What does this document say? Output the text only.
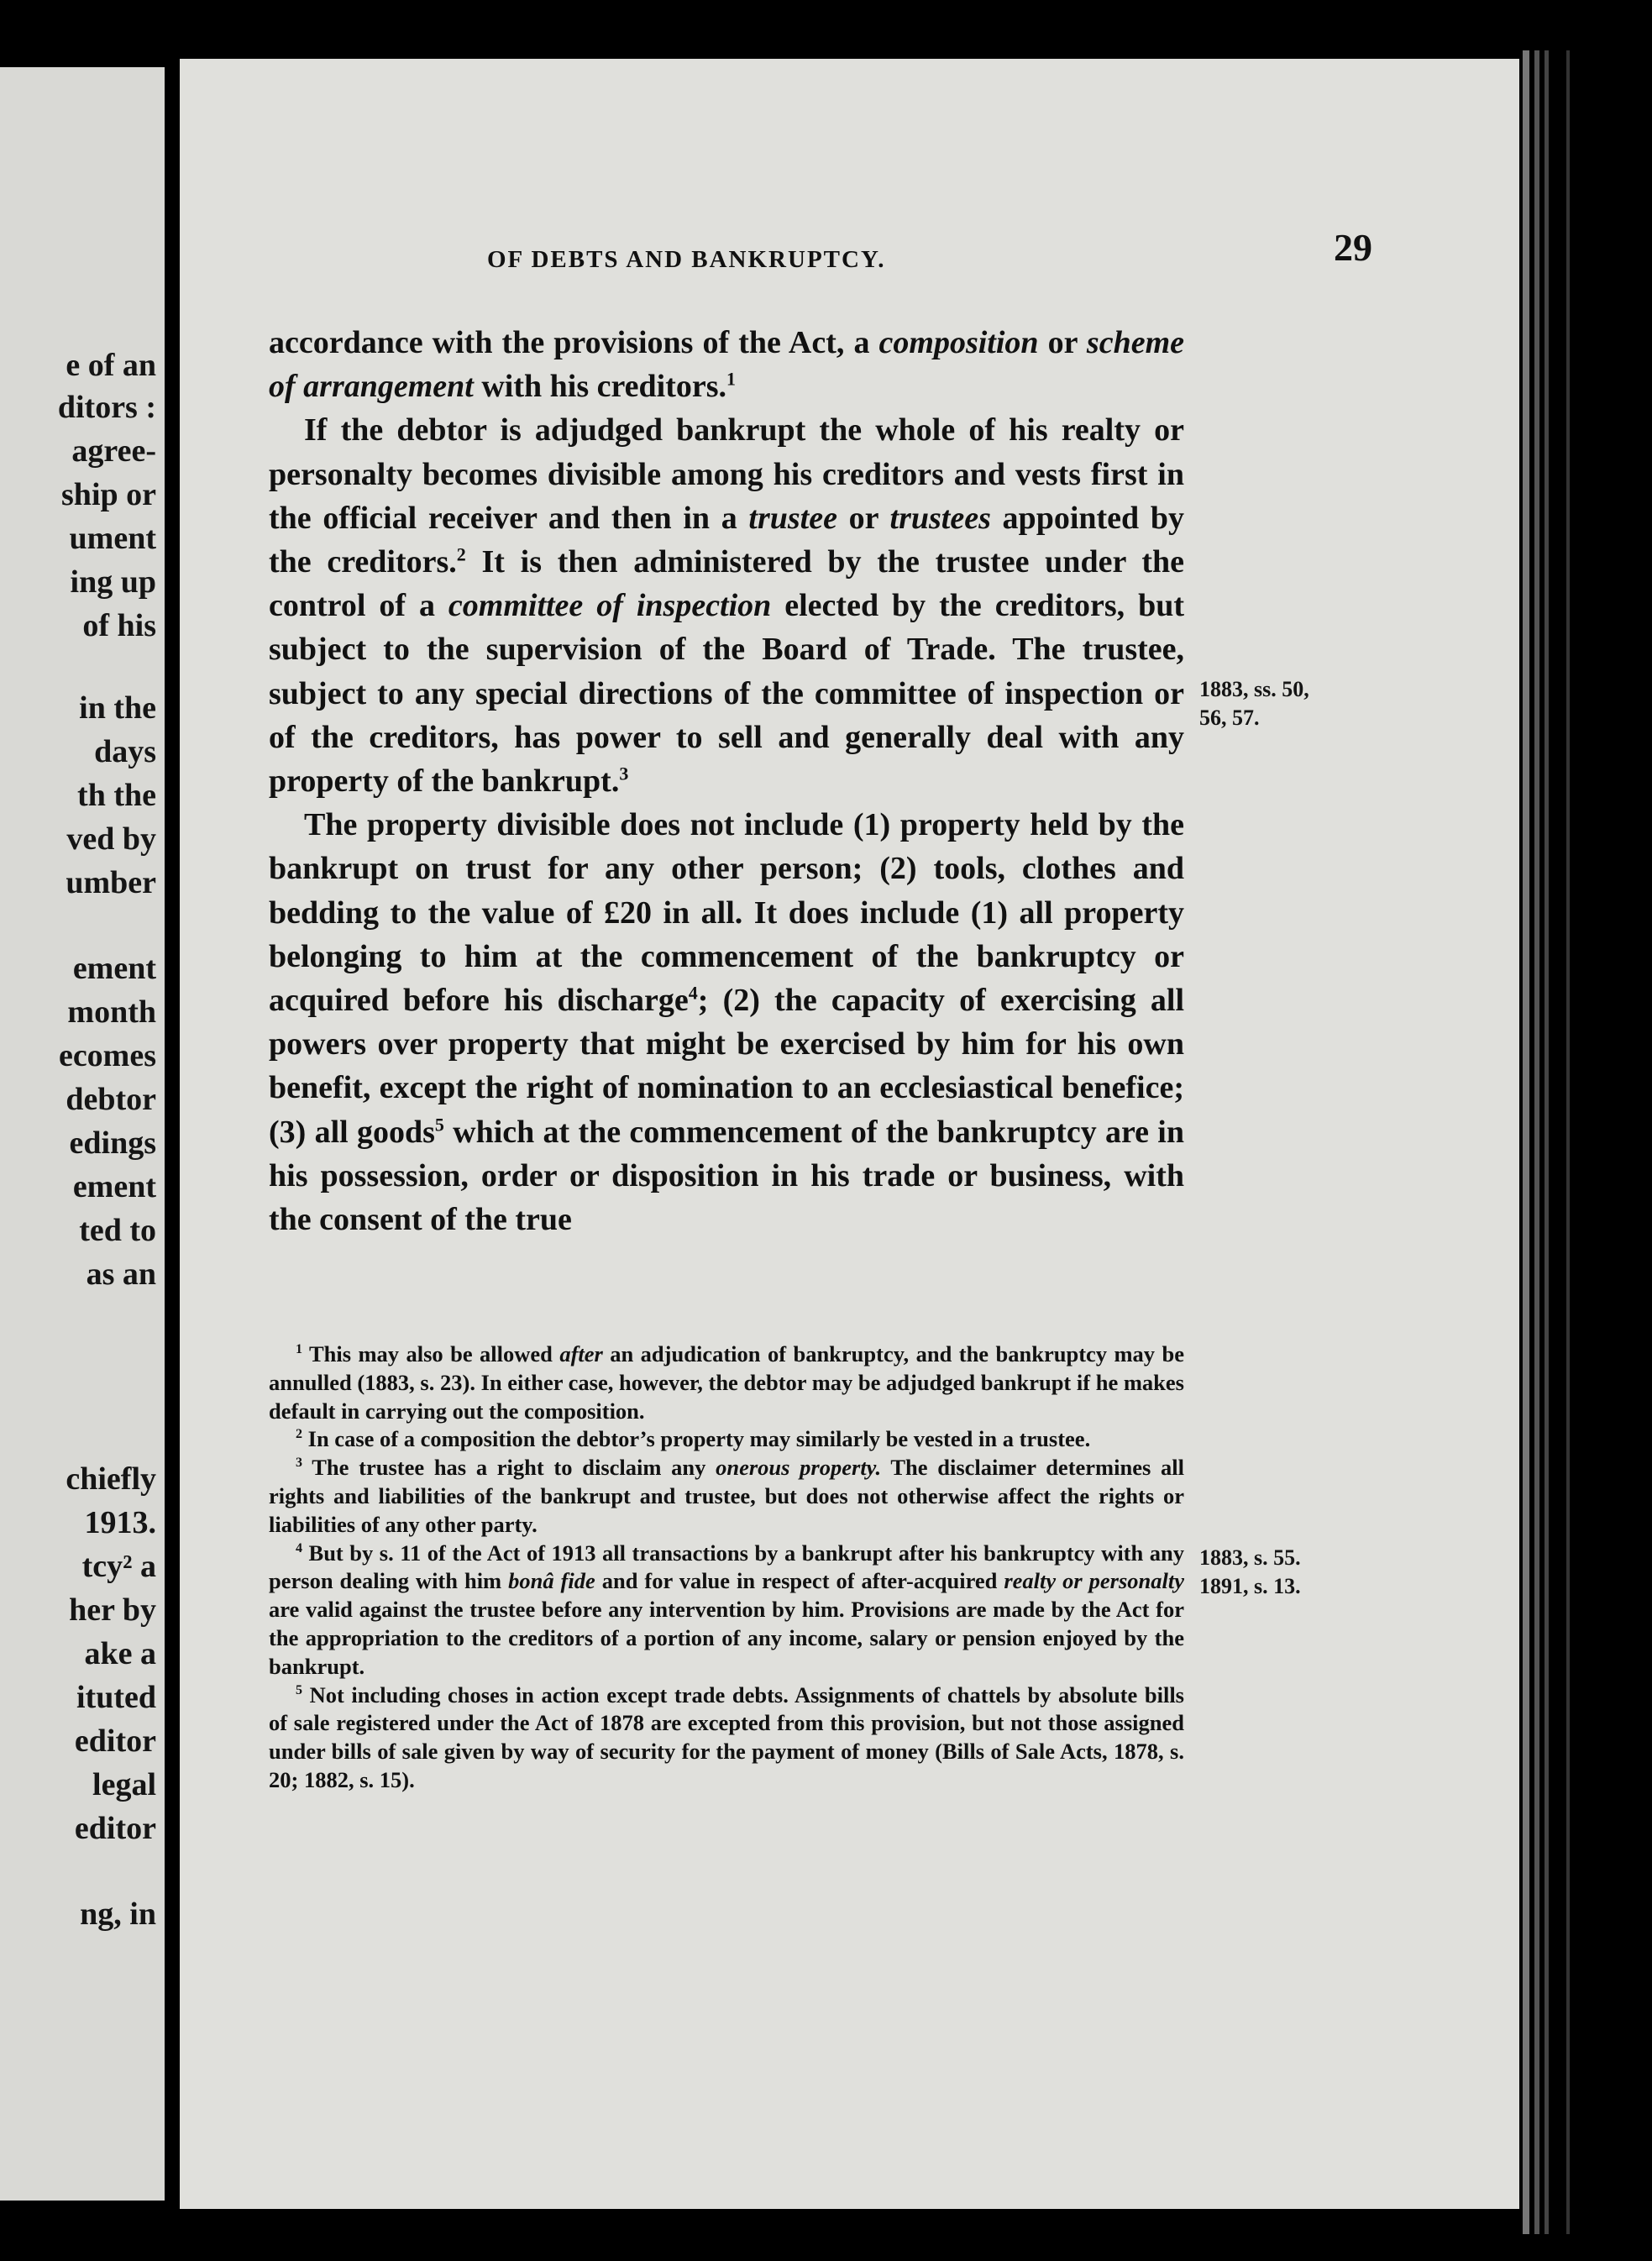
e of an
ditors :
agree-
ship or
ument
ing up
of his
in the
days
th the
ved by
umber
ement
month
ecomes
debtor
edings
ement
ted to
as an
chiefly
1913.
tcy² a
her by
ake a
ituted
editor
legal
editor
ng, in
OF DEBTS AND BANKRUPTCY.	29

accordance with the provisions of the Act, a composition or scheme of arrangement with his creditors.$^1$

If the debtor is adjudged bankrupt the whole of his realty or personalty becomes divisible among his creditors and vests first in the official receiver and then in a trustee or trustees appointed by the creditors.$^2$ It is then administered by the trustee under the control of a committee of inspection elected by the creditors, but subject to the supervision of the Board of Trade. The trustee, subject to any special directions of the committee of inspection or of the creditors, has power to sell and generally deal with any property of the bankrupt.$^3$

The property divisible does not include (1) property held by the bankrupt on trust for any other person; (2) tools, clothes and bedding to the value of £20 in all. It does include (1) all property belonging to him at the commencement of the bankruptcy or acquired before his discharge$^4$; (2) the capacity of exercising all powers over property that might be exercised by him for his own benefit, except the right of nomination to an ecclesiastical benefice; (3) all goods$^5$ which at the commencement of the bankruptcy are in his possession, order or disposition in his trade or business, with the consent of the true

1883, ss. 50,
56, 57.
1883, s. 55.
1891, s. 13.

$^1$ This may also be allowed after an adjudication of bankruptcy, and the bankruptcy may be annulled (1883, s. 23). In either case, however, the debtor may be adjudged bankrupt if he makes default in carrying out the composition.

$^2$ In case of a composition the debtor’s property may similarly be vested in a trustee.

$^3$ The trustee has a right to disclaim any onerous property. The disclaimer determines all rights and liabilities of the bankrupt and trustee, but does not otherwise affect the rights or liabilities of any other party.

$^4$ But by s. 11 of the Act of 1913 all transactions by a bankrupt after his bankruptcy with any person dealing with him bonâ fide and for value in respect of after-acquired realty or personalty are valid against the trustee before any intervention by him. Provisions are made by the Act for the appropriation to the creditors of a portion of any income, salary or pension enjoyed by the bankrupt.

$^5$ Not including choses in action except trade debts. Assignments of chattels by absolute bills of sale registered under the Act of 1878 are excepted from this provision, but not those assigned under bills of sale given by way of security for the payment of money (Bills of Sale Acts, 1878, s. 20; 1882, s. 15).
